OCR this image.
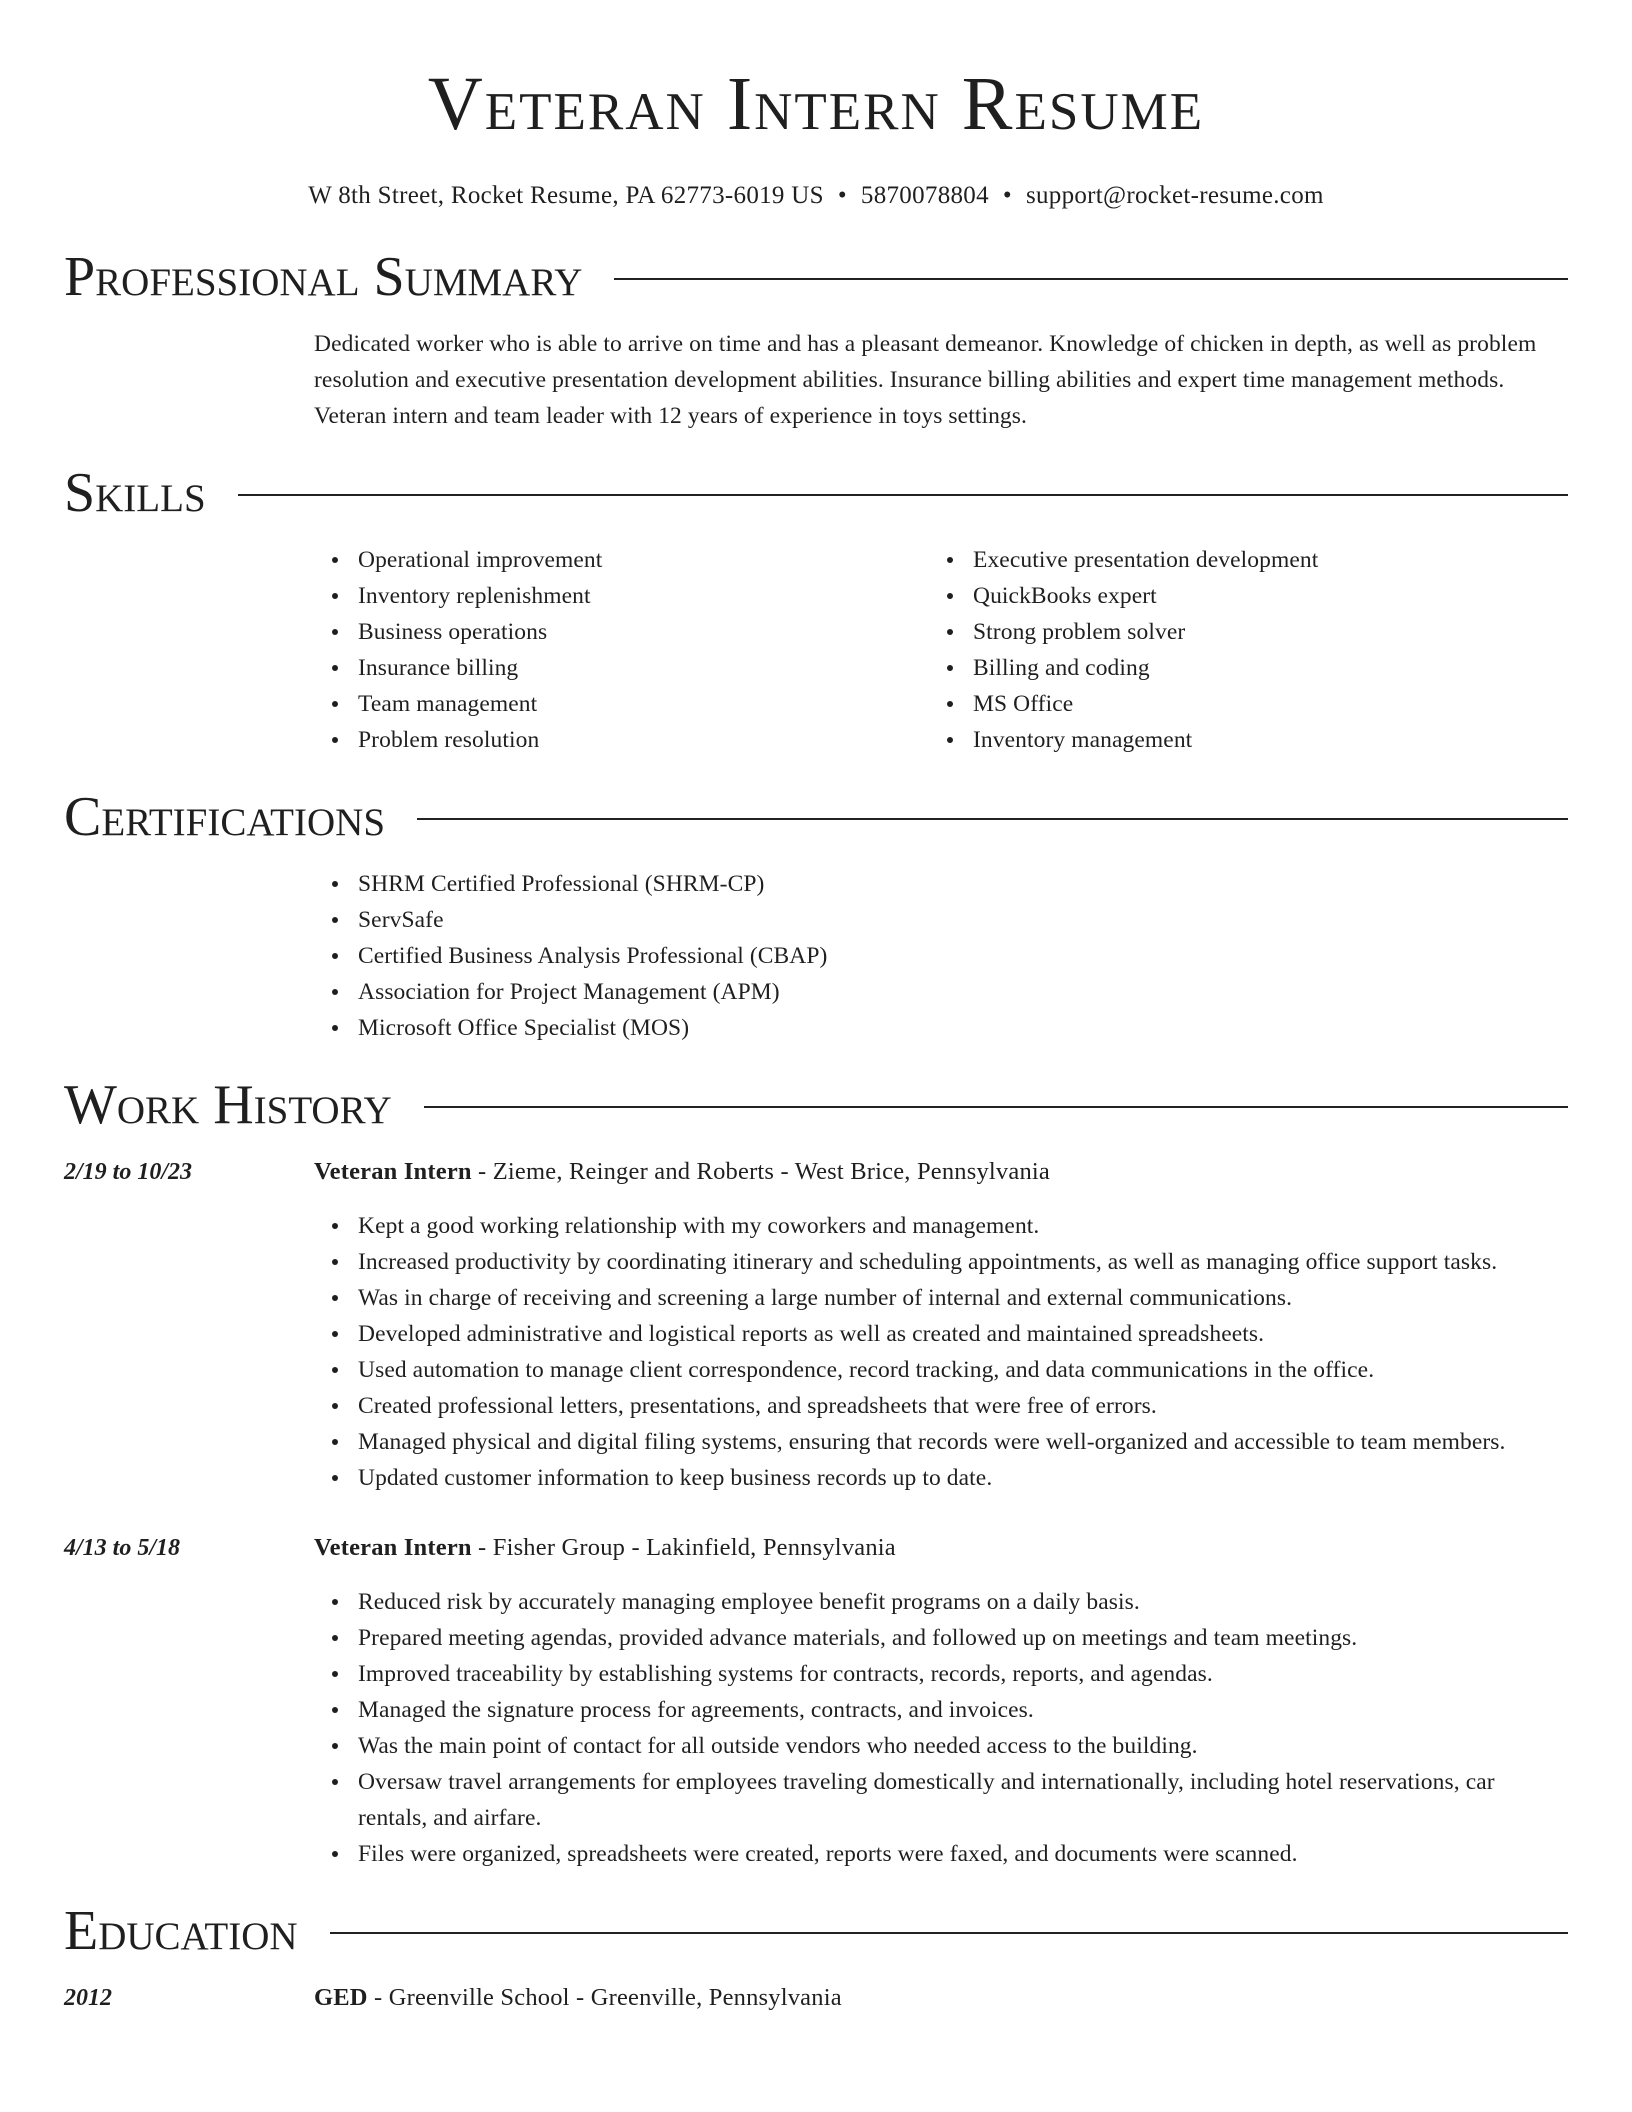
Veteran Intern Resume
W 8th Street, Rocket Resume, PA 62773-6019 US • 5870078804 • support@rocket-resume.com
Professional Summary
Dedicated worker who is able to arrive on time and has a pleasant demeanor. Knowledge of chicken in depth, as well as problem resolution and executive presentation development abilities. Insurance billing abilities and expert time management methods. Veteran intern and team leader with 12 years of experience in toys settings.
Skills
Operational improvement
Inventory replenishment
Business operations
Insurance billing
Team management
Problem resolution
Executive presentation development
QuickBooks expert
Strong problem solver
Billing and coding
MS Office
Inventory management
Certifications
SHRM Certified Professional (SHRM-CP)
ServSafe
Certified Business Analysis Professional (CBAP)
Association for Project Management (APM)
Microsoft Office Specialist (MOS)
Work History
2/19 to 10/23	Veteran Intern - Zieme, Reinger and Roberts - West Brice, Pennsylvania
Kept a good working relationship with my coworkers and management.
Increased productivity by coordinating itinerary and scheduling appointments, as well as managing office support tasks.
Was in charge of receiving and screening a large number of internal and external communications.
Developed administrative and logistical reports as well as created and maintained spreadsheets.
Used automation to manage client correspondence, record tracking, and data communications in the office.
Created professional letters, presentations, and spreadsheets that were free of errors.
Managed physical and digital filing systems, ensuring that records were well-organized and accessible to team members.
Updated customer information to keep business records up to date.
4/13 to 5/18	Veteran Intern - Fisher Group - Lakinfield, Pennsylvania
Reduced risk by accurately managing employee benefit programs on a daily basis.
Prepared meeting agendas, provided advance materials, and followed up on meetings and team meetings.
Improved traceability by establishing systems for contracts, records, reports, and agendas.
Managed the signature process for agreements, contracts, and invoices.
Was the main point of contact for all outside vendors who needed access to the building.
Oversaw travel arrangements for employees traveling domestically and internationally, including hotel reservations, car rentals, and airfare.
Files were organized, spreadsheets were created, reports were faxed, and documents were scanned.
Education
2012	GED - Greenville School - Greenville, Pennsylvania
